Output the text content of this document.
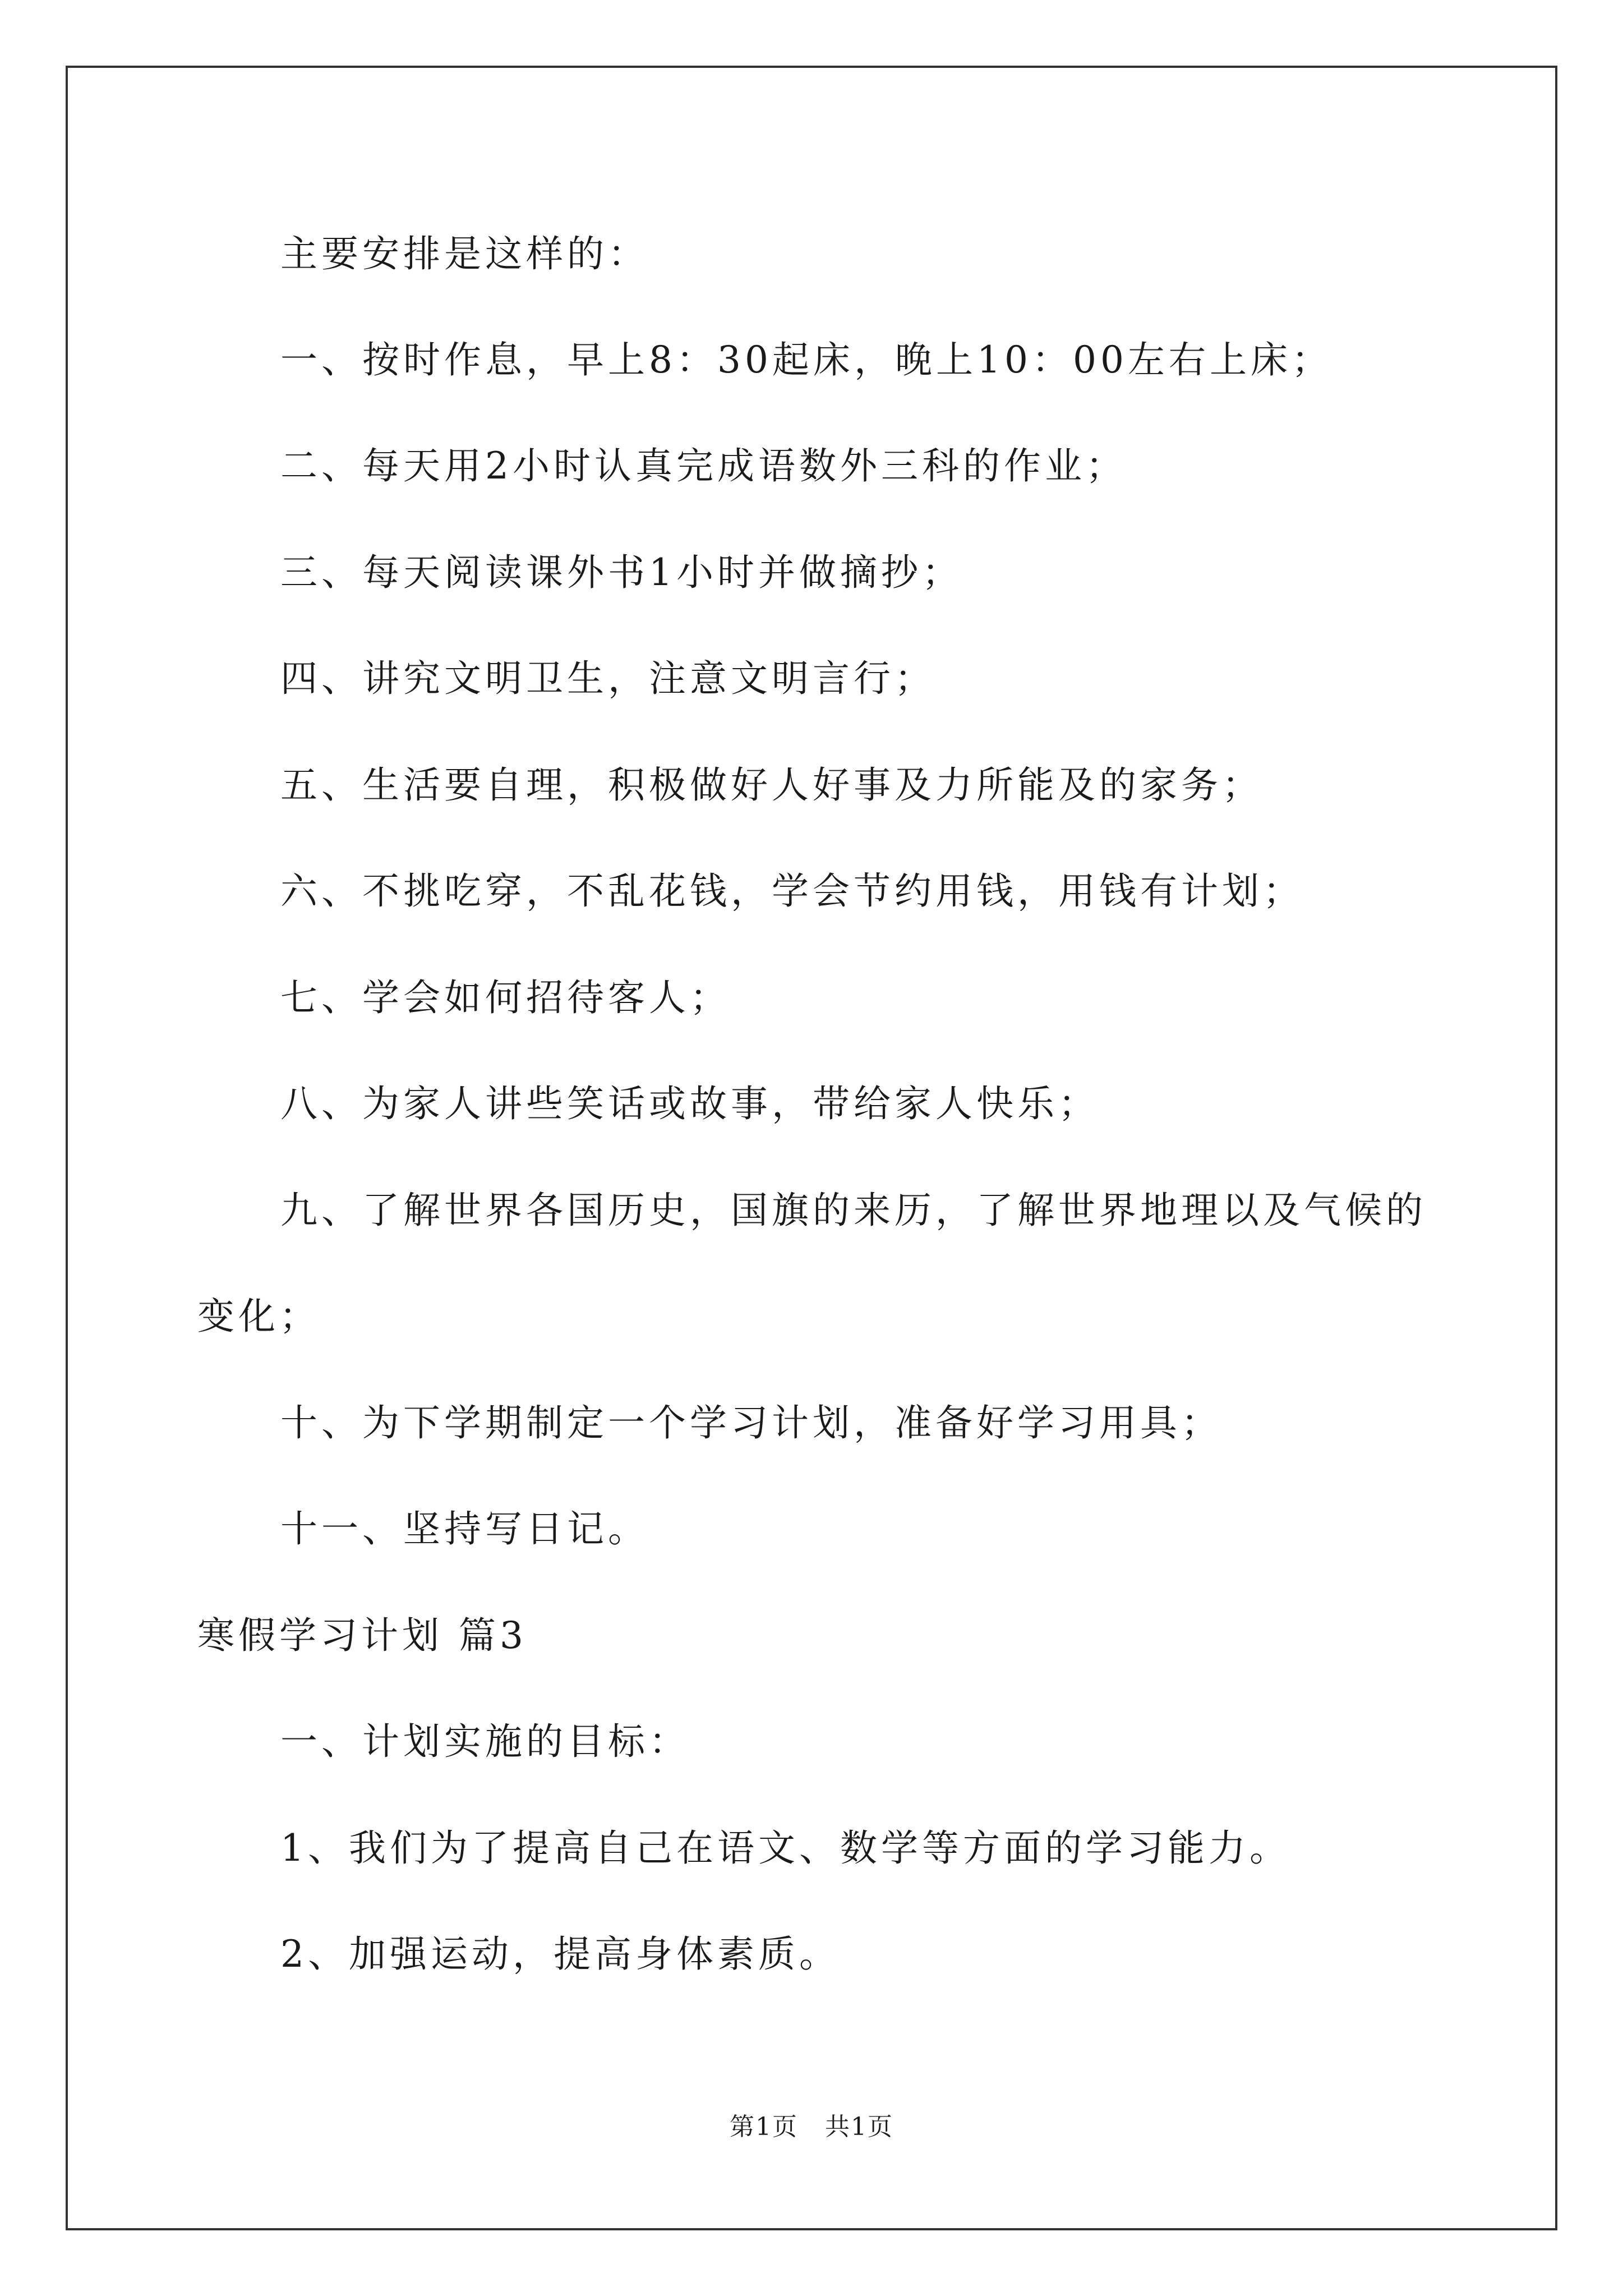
主要安排是这样的：
一、按时作息，早上8：30起床，晚上10：00左右上床；
二、每天用2小时认真完成语数外三科的作业；
三、每天阅读课外书1小时并做摘抄；
四、讲究文明卫生，注意文明言行；
五、生活要自理，积极做好人好事及力所能及的家务；
六、不挑吃穿，不乱花钱，学会节约用钱，用钱有计划；
七、学会如何招待客人；
八、为家人讲些笑话或故事，带给家人快乐；
九、了解世界各国历史，国旗的来历，了解世界地理以及气候的
变化；
十、为下学期制定一个学习计划，准备好学习用具；
十一、坚持写日记。
寒假学习计划 篇3
一、计划实施的目标：
1、我们为了提高自己在语文、数学等方面的学习能力。
2、加强运动，提高身体素质。
第1页   共1页
